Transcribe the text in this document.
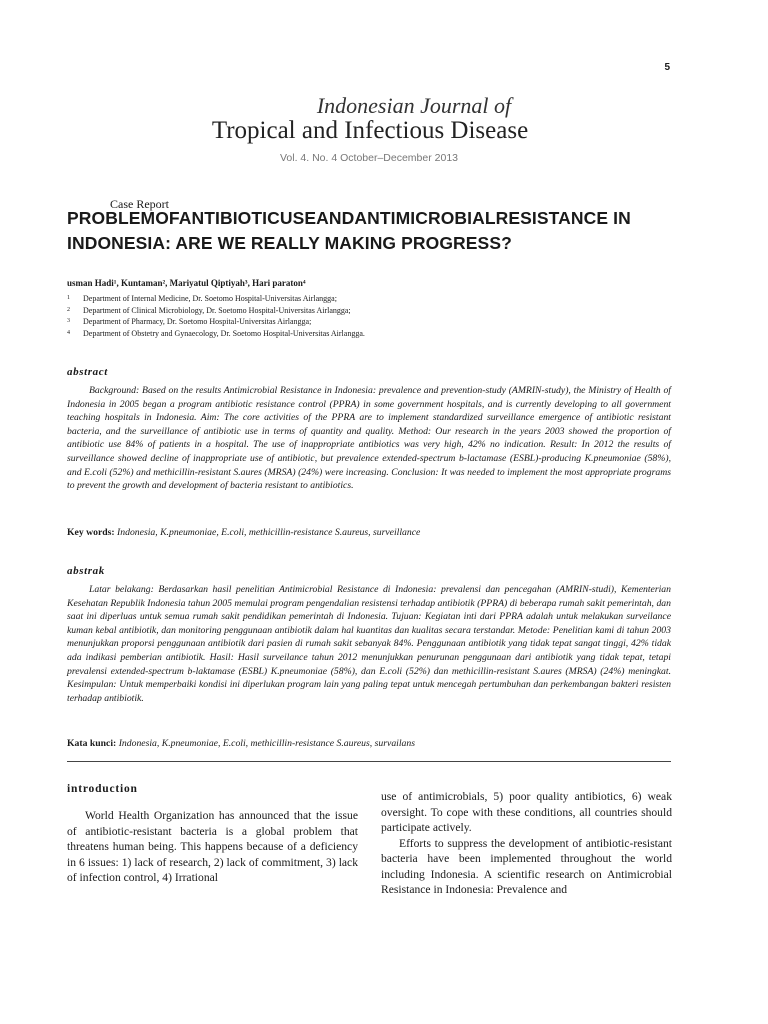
5
Indonesian Journal of
Tropical and Infectious Disease
Vol. 4. No. 4 October–December 2013
Case Report
PROBLEMOFANTIBIOTICUSEANDANTIMICROBIALRESISTANCE IN INDONESIA: ARE WE REALLY MAKING PROGRESS?
usman Hadi¹, Kuntaman², Mariyatul Qiptiyah³, Hari paraton⁴
1	Department of Internal Medicine, Dr. Soetomo Hospital-Universitas Airlangga;
2	Department of Clinical Microbiology, Dr. Soetomo Hospital-Universitas Airlangga;
3	Department of Pharmacy, Dr. Soetomo Hospital-Universitas Airlangga;
4	Department of Obstetry and Gynaecology, Dr. Soetomo Hospital-Universitas Airlangga.
abstract

Background: Based on the results Antimicrobial Resistance in Indonesia: prevalence and prevention-study (AMRIN-study), the Ministry of Health of Indonesia in 2005 began a program antibiotic resistance control (PPRA) in some government hospitals, and is currently developing to all government teaching hospitals in Indonesia. Aim: The core activities of the PPRA are to implement standardized surveillance emergence of antibiotic resistant bacteria, and the surveillance of antibiotic use in terms of quantity and quality. Method: Our research in the years 2003 showed the proportion of antibiotic use 84% of patients in a hospital. The use of inappropriate antibiotics was very high, 42% no indication. Result: In 2012 the results of surveillance showed decline of inappropriate use of antibiotic, but prevalence extended-spectrum b-lactamase (ESBL)-producing K.pneumoniae (58%), and E.coli (52%) and methicillin-resistant S.aures (MRSA) (24%) were increasing. Conclusion: It was needed to implement the most appropriate programs to prevent the growth and development of bacteria resistant to antibiotics.

Key words: Indonesia, K.pneumoniae, E.coli, methicillin-resistance S.aureus, surveillance
abstrak

Latar belakang: Berdasarkan hasil penelitian Antimicrobial Resistance di Indonesia: prevalensi dan pencegahan (AMRIN-studi), Kementerian Kesehatan Republik Indonesia tahun 2005 memulai program pengendalian resistensi terhadap antibiotik (PPRA) di beberapa rumah sakit pemerintah, dan saat ini diperluas untuk semua rumah sakit pendidikan pemerintah di Indonesia. Tujuan: Kegiatan inti dari PPRA adalah untuk melakukan surveilance kuman kebal antibiotik, dan monitoring penggunaan antibiotik dalam hal kuantitas dan kualitas secara terstandar. Metode: Penelitian kami di tahun 2003 menunjukkan proporsi penggunaan antibiotik dari pasien di rumah sakit sebanyak 84%. Penggunaan antibiotik yang tidak tepat sangat tinggi, 42% tidak ada indikasi pemberian antibiotik. Hasil: Hasil surveilance tahun 2012 menunjukkan penurunan penggunaan dari antibiotik yang tidak tepat, tetapi prevalensi extended-spectrum b-laktamase (ESBL) K.pneumoniae (58%), dan E.coli (52%) dan methicillin-resistant S.aures (MRSA) (24%) meningkat. Kesimpulan: Untuk memperbaiki kondisi ini diperlukan program lain yang paling tepat untuk mencegah pertumbuhan dan perkembangan bakteri resisten terhadap antibiotik.

Kata kunci: Indonesia, K.pneumoniae, E.coli, methicillin-resistance S.aureus, survailans
introduction

World Health Organization has announced that the issue of antibiotic-resistant bacteria is a global problem that threatens human being. This happens because of a deficiency in 6 issues: 1) lack of research, 2) lack of commitment, 3) lack of infection control, 4) Irrational

use of antimicrobials, 5) poor quality antibiotics, 6) weak oversight. To cope with these conditions, all countries should participate actively.

Efforts to suppress the development of antibiotic-resistant bacteria have been implemented throughout the world including Indonesia. A scientific research on Antimicrobial Resistance in Indonesia: Prevalence and
